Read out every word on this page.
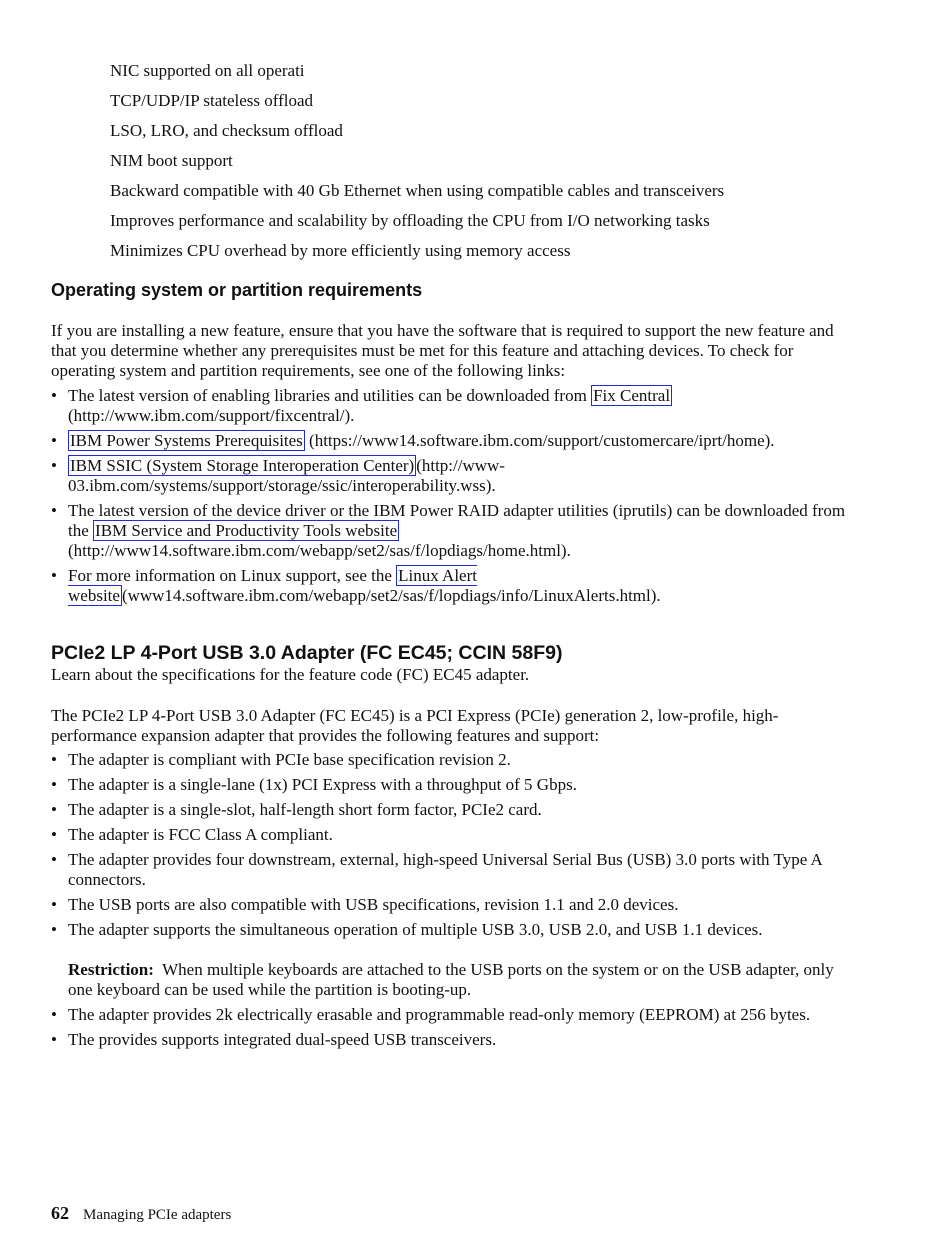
NIC supported on all operati
TCP/UDP/IP stateless offload
LSO, LRO, and checksum offload
NIM boot support
Backward compatible with 40 Gb Ethernet when using compatible cables and transceivers
Improves performance and scalability by offloading the CPU from I/O networking tasks
Minimizes CPU overhead by more efficiently using memory access
Operating system or partition requirements

If you are installing a new feature, ensure that you have the software that is required to support the new feature and that you determine whether any prerequisites must be met for this feature and attaching devices. To check for operating system and partition requirements, see one of the following links:

• The latest version of enabling libraries and utilities can be downloaded from Fix Central (http://www.ibm.com/support/fixcentral/).
• IBM Power Systems Prerequisites (https://www14.software.ibm.com/support/customercare/iprt/home).
• IBM SSIC (System Storage Interoperation Center) (http://www-03.ibm.com/systems/support/storage/ssic/interoperability.wss).
• The latest version of the device driver or the IBM Power RAID adapter utilities (iprutils) can be downloaded from the IBM Service and Productivity Tools website (http://www14.software.ibm.com/webapp/set2/sas/f/lopdiags/home.html).
• For more information on Linux support, see the Linux Alert website (www14.software.ibm.com/webapp/set2/sas/f/lopdiags/info/LinuxAlerts.html).
PCIe2 LP 4-Port USB 3.0 Adapter (FC EC45; CCIN 58F9)

Learn about the specifications for the feature code (FC) EC45 adapter.

The PCIe2 LP 4-Port USB 3.0 Adapter (FC EC45) is a PCI Express (PCIe) generation 2, low-profile, high-performance expansion adapter that provides the following features and support:

• The adapter is compliant with PCIe base specification revision 2.
• The adapter is a single-lane (1x) PCI Express with a throughput of 5 Gbps.
• The adapter is a single-slot, half-length short form factor, PCIe2 card.
• The adapter is FCC Class A compliant.
• The adapter provides four downstream, external, high-speed Universal Serial Bus (USB) 3.0 ports with Type A connectors.
• The USB ports are also compatible with USB specifications, revision 1.1 and 2.0 devices.
• The adapter supports the simultaneous operation of multiple USB 3.0, USB 2.0, and USB 1.1 devices.
Restriction: When multiple keyboards are attached to the USB ports on the system or on the USB adapter, only one keyboard can be used while the partition is booting-up.
• The adapter provides 2k electrically erasable and programmable read-only memory (EEPROM) at 256 bytes.
• The provides supports integrated dual-speed USB transceivers.
62 Managing PCIe adapters
